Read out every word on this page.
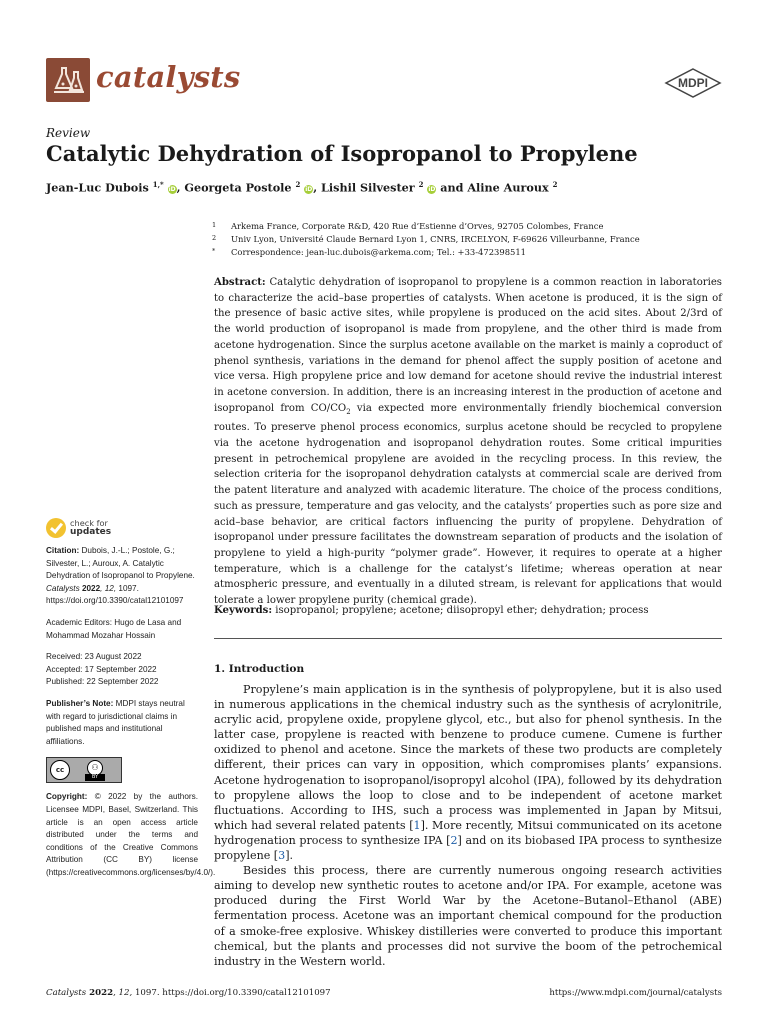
catalysts	MDPI
Review
Catalytic Dehydration of Isopropanol to Propylene
Jean-Luc Dubois $^{1,*}$ iD, Georgeta Postole $^2$ iD, Lishil Silvester $^2$ iD and Aline Auroux $^2$
1 Arkema France, Corporate R&D, 420 Rue d’Estienne d’Orves, 92705 Colombes, France
2 Univ Lyon, Université Claude Bernard Lyon 1, CNRS, IRCELYON, F-69626 Villeurbanne, France
* Correspondence: jean-luc.dubois@arkema.com; Tel.: +33-472398511
Abstract: Catalytic dehydration of isopropanol to propylene is a common reaction in laboratories to characterize the acid–base properties of catalysts. When acetone is produced, it is the sign of the presence of basic active sites, while propylene is produced on the acid sites. About 2/3rd of the world production of isopropanol is made from propylene, and the other third is made from acetone hydrogenation. Since the surplus acetone available on the market is mainly a coproduct of phenol synthesis, variations in the demand for phenol affect the supply position of acetone and vice versa. High propylene price and low demand for acetone should revive the industrial interest in acetone conversion. In addition, there is an increasing interest in the production of acetone and isopropanol from $CO/CO_2$ via expected more environmentally friendly biochemical conversion routes. To preserve phenol process economics, surplus acetone should be recycled to propylene via the acetone hydrogenation and isopropanol dehydration routes. Some critical impurities present in petrochemical propylene are avoided in the recycling process. In this review, the selection criteria for the isopropanol dehydration catalysts at commercial scale are derived from the patent literature and analyzed with academic literature. The choice of the process conditions, such as pressure, temperature and gas velocity, and the catalysts’ properties such as pore size and acid–base behavior, are critical factors influencing the purity of propylene. Dehydration of isopropanol under pressure facilitates the downstream separation of products and the isolation of propylene to yield a high-purity “polymer grade”. However, it requires to operate at a higher temperature, which is a challenge for the catalyst’s lifetime; whereas operation at near atmospheric pressure, and eventually in a diluted stream, is relevant for applications that would tolerate a lower propylene purity (chemical grade).
Keywords: isopropanol; propylene; acetone; diisopropyl ether; dehydration; process
check for
updates
Citation: Dubois, J.-L.; Postole, G.; Silvester, L.; Auroux, A. Catalytic Dehydration of Isopropanol to Propylene. Catalysts 2022, 12, 1097. https://doi.org/10.3390/catal12101097
Academic Editors: Hugo de Lasa and Mohammad Mozahar Hossain
Received: 23 August 2022
Accepted: 17 September 2022
Published: 22 September 2022
Publisher’s Note: MDPI stays neutral with regard to jurisdictional claims in published maps and institutional affiliations.
cc	⚇
BY
Copyright: © 2022 by the authors. Licensee MDPI, Basel, Switzerland. This article is an open access article distributed under the terms and conditions of the Creative Commons Attribution (CC BY) license (https://creativecommons.org/licenses/by/4.0/).
1. Introduction

Propylene’s main application is in the synthesis of polypropylene, but it is also used in numerous applications in the chemical industry such as the synthesis of acrylonitrile, acrylic acid, propylene oxide, propylene glycol, etc., but also for phenol synthesis. In the latter case, propylene is reacted with benzene to produce cumene. Cumene is further oxidized to phenol and acetone. Since the markets of these two products are completely different, their prices can vary in opposition, which compromises plants’ expansions. Acetone hydrogenation to isopropanol/isopropyl alcohol (IPA), followed by its dehydration to propylene allows the loop to close and to be independent of acetone market fluctuations. According to IHS, such a process was implemented in Japan by Mitsui, which had several related patents [1]. More recently, Mitsui communicated on its acetone hydrogenation process to synthesize IPA [2] and on its biobased IPA process to synthesize propylene [3].

Besides this process, there are currently numerous ongoing research activities aiming to develop new synthetic routes to acetone and/or IPA. For example, acetone was produced during the First World War by the Acetone–Butanol–Ethanol (ABE) fermentation process. Acetone was an important chemical compound for the production of a smoke-free explosive. Whiskey distilleries were converted to produce this important chemical, but the plants and processes did not survive the boom of the petrochemical industry in the Western world.

Catalysts 2022, 12, 1097. https://doi.org/10.3390/catal12101097	https://www.mdpi.com/journal/catalysts
